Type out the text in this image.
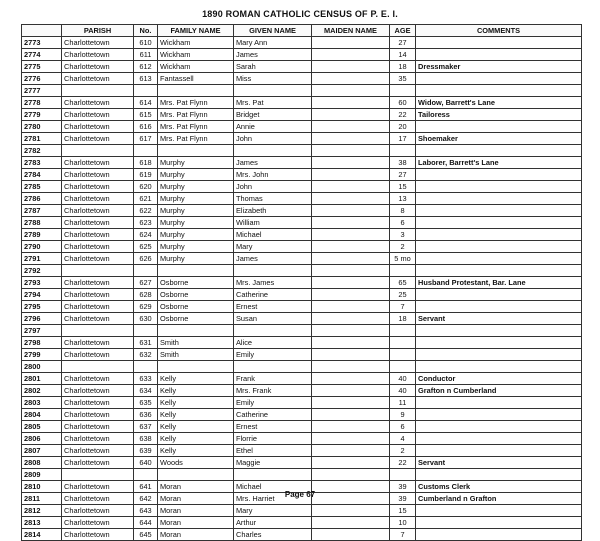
1890 ROMAN CATHOLIC CENSUS OF P. E. I.
	PARISH	No.	FAMILY NAME	GIVEN NAME	MAIDEN NAME	AGE	COMMENTS
2773	Charlottetown	610	Wickham	Mary Ann		27	
2774	Charlottetown	611	Wickham	James		14	
2775	Charlottetown	612	Wickham	Sarah		18	Dressmaker
2776	Charlottetown	613	Fantassell	Miss		35	
2777							
2778	Charlottetown	614	Mrs. Pat Flynn	Mrs. Pat		60	Widow, Barrett's Lane
2779	Charlottetown	615	Mrs. Pat Flynn	Bridget		22	Tailoress
2780	Charlottetown	616	Mrs. Pat Flynn	Annie		20	
2781	Charlottetown	617	Mrs. Pat Flynn	John		17	Shoemaker
2782							
2783	Charlottetown	618	Murphy	James		38	Laborer, Barrett's Lane
2784	Charlottetown	619	Murphy	Mrs. John		27	
2785	Charlottetown	620	Murphy	John		15	
2786	Charlottetown	621	Murphy	Thomas		13	
2787	Charlottetown	622	Murphy	Elizabeth		8	
2788	Charlottetown	623	Murphy	William		6	
2789	Charlottetown	624	Murphy	Michael		3	
2790	Charlottetown	625	Murphy	Mary		2	
2791	Charlottetown	626	Murphy	James		5 mo	
2792							
2793	Charlottetown	627	Osborne	Mrs. James		65	Husband Protestant, Bar. Lane
2794	Charlottetown	628	Osborne	Catherine		25	
2795	Charlottetown	629	Osborne	Ernest		7	
2796	Charlottetown	630	Osborne	Susan		18	Servant
2797							
2798	Charlottetown	631	Smith	Alice			
2799	Charlottetown	632	Smith	Emily			
2800							
2801	Charlottetown	633	Kelly	Frank		40	Conductor
2802	Charlottetown	634	Kelly	Mrs. Frank		40	Grafton n Cumberland
2803	Charlottetown	635	Kelly	Emily		11	
2804	Charlottetown	636	Kelly	Catherine		9	
2805	Charlottetown	637	Kelly	Ernest		6	
2806	Charlottetown	638	Kelly	Florrie		4	
2807	Charlottetown	639	Kelly	Ethel		2	
2808	Charlottetown	640	Woods	Maggie		22	Servant
2809							
2810	Charlottetown	641	Moran	Michael		39	Customs Clerk
2811	Charlottetown	642	Moran	Mrs. Harriet		39	Cumberland n Grafton
2812	Charlottetown	643	Moran	Mary		15	
2813	Charlottetown	644	Moran	Arthur		10	
2814	Charlottetown	645	Moran	Charles		7	
Page 67
